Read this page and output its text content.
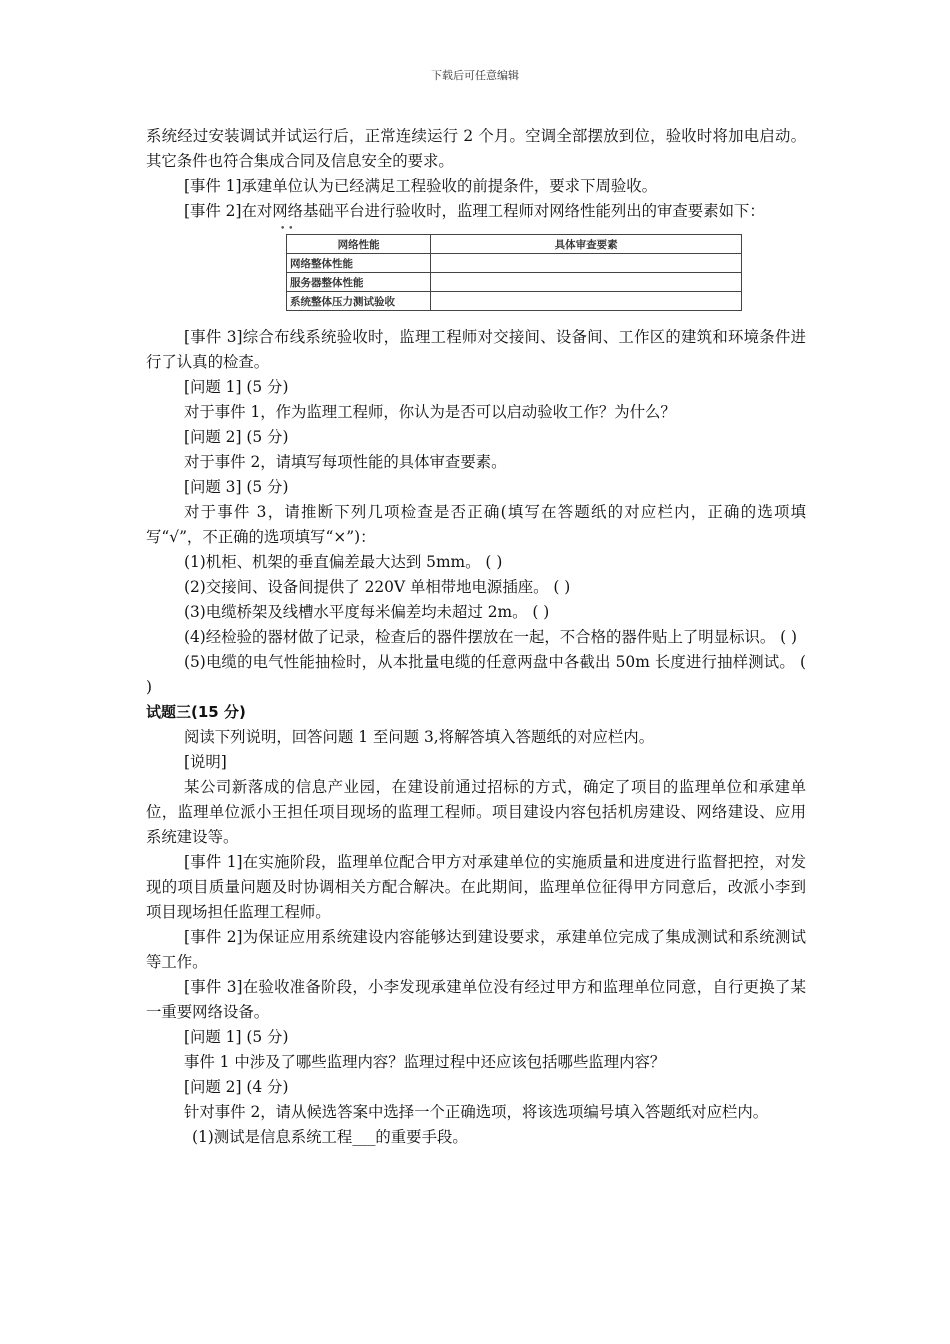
下载后可任意编辑

系统经过安装调试并试运行后，正常连续运行 2 个月。空调全部摆放到位，验收时将加电启动。其它条件也符合集成合同及信息安全的要求。

[事件 1]承建单位认为已经满足工程验收的前提条件，要求下周验收。

[事件 2]在对网络基础平台进行验收时，监理工程师对网络性能列出的审查要素如下：

• •
网络性能	具体审查要素
网络整体性能	
服务器整体性能	
系统整体压力测试验收	

[事件 3]综合布线系统验收时，监理工程师对交接间、设备间、工作区的建筑和环境条件进行了认真的检查。

[问题 1] (5 分)

对于事件 1，作为监理工程师，你认为是否可以启动验收工作？为什么？

[问题 2] (5 分)

对于事件 2，请填写每项性能的具体审查要素。

[问题 3] (5 分)

对于事件 3，请推断下列几项检查是否正确(填写在答题纸的对应栏内，正确的选项填写“√”，不正确的选项填写“×”)：

(1)机柜、机架的垂直偏差最大达到 5mm。 ( )

(2)交接间、设备间提供了 220V 单相带地电源插座。 ( )

(3)电缆桥架及线槽水平度每米偏差均未超过 2m。 ( )

(4)经检验的器材做了记录，检查后的器件摆放在一起，不合格的器件贴上了明显标识。 ( )

(5)电缆的电气性能抽检时，从本批量电缆的任意两盘中各截出 50m 长度进行抽样测试。 ( )

试题三(15 分)

阅读下列说明，回答问题 1 至问题 3,将解答填入答题纸的对应栏内。

[说明]

某公司新落成的信息产业园，在建设前通过招标的方式，确定了项目的监理单位和承建单位，监理单位派小王担任项目现场的监理工程师。项目建设内容包括机房建设、网络建设、应用系统建设等。

[事件 1]在实施阶段，监理单位配合甲方对承建单位的实施质量和进度进行监督把控，对发现的项目质量问题及时协调相关方配合解决。在此期间，监理单位征得甲方同意后，改派小李到项目现场担任监理工程师。

[事件 2]为保证应用系统建设内容能够达到建设要求，承建单位完成了集成测试和系统测试等工作。

[事件 3]在验收准备阶段，小李发现承建单位没有经过甲方和监理单位同意，自行更换了某一重要网络设备。

[问题 1] (5 分)

事件 1 中涉及了哪些监理内容？监理过程中还应该包括哪些监理内容？

[问题 2] (4 分)

针对事件 2，请从候选答案中选择一个正确选项，将该选项编号填入答题纸对应栏内。

(1)测试是信息系统工程___的重要手段。
